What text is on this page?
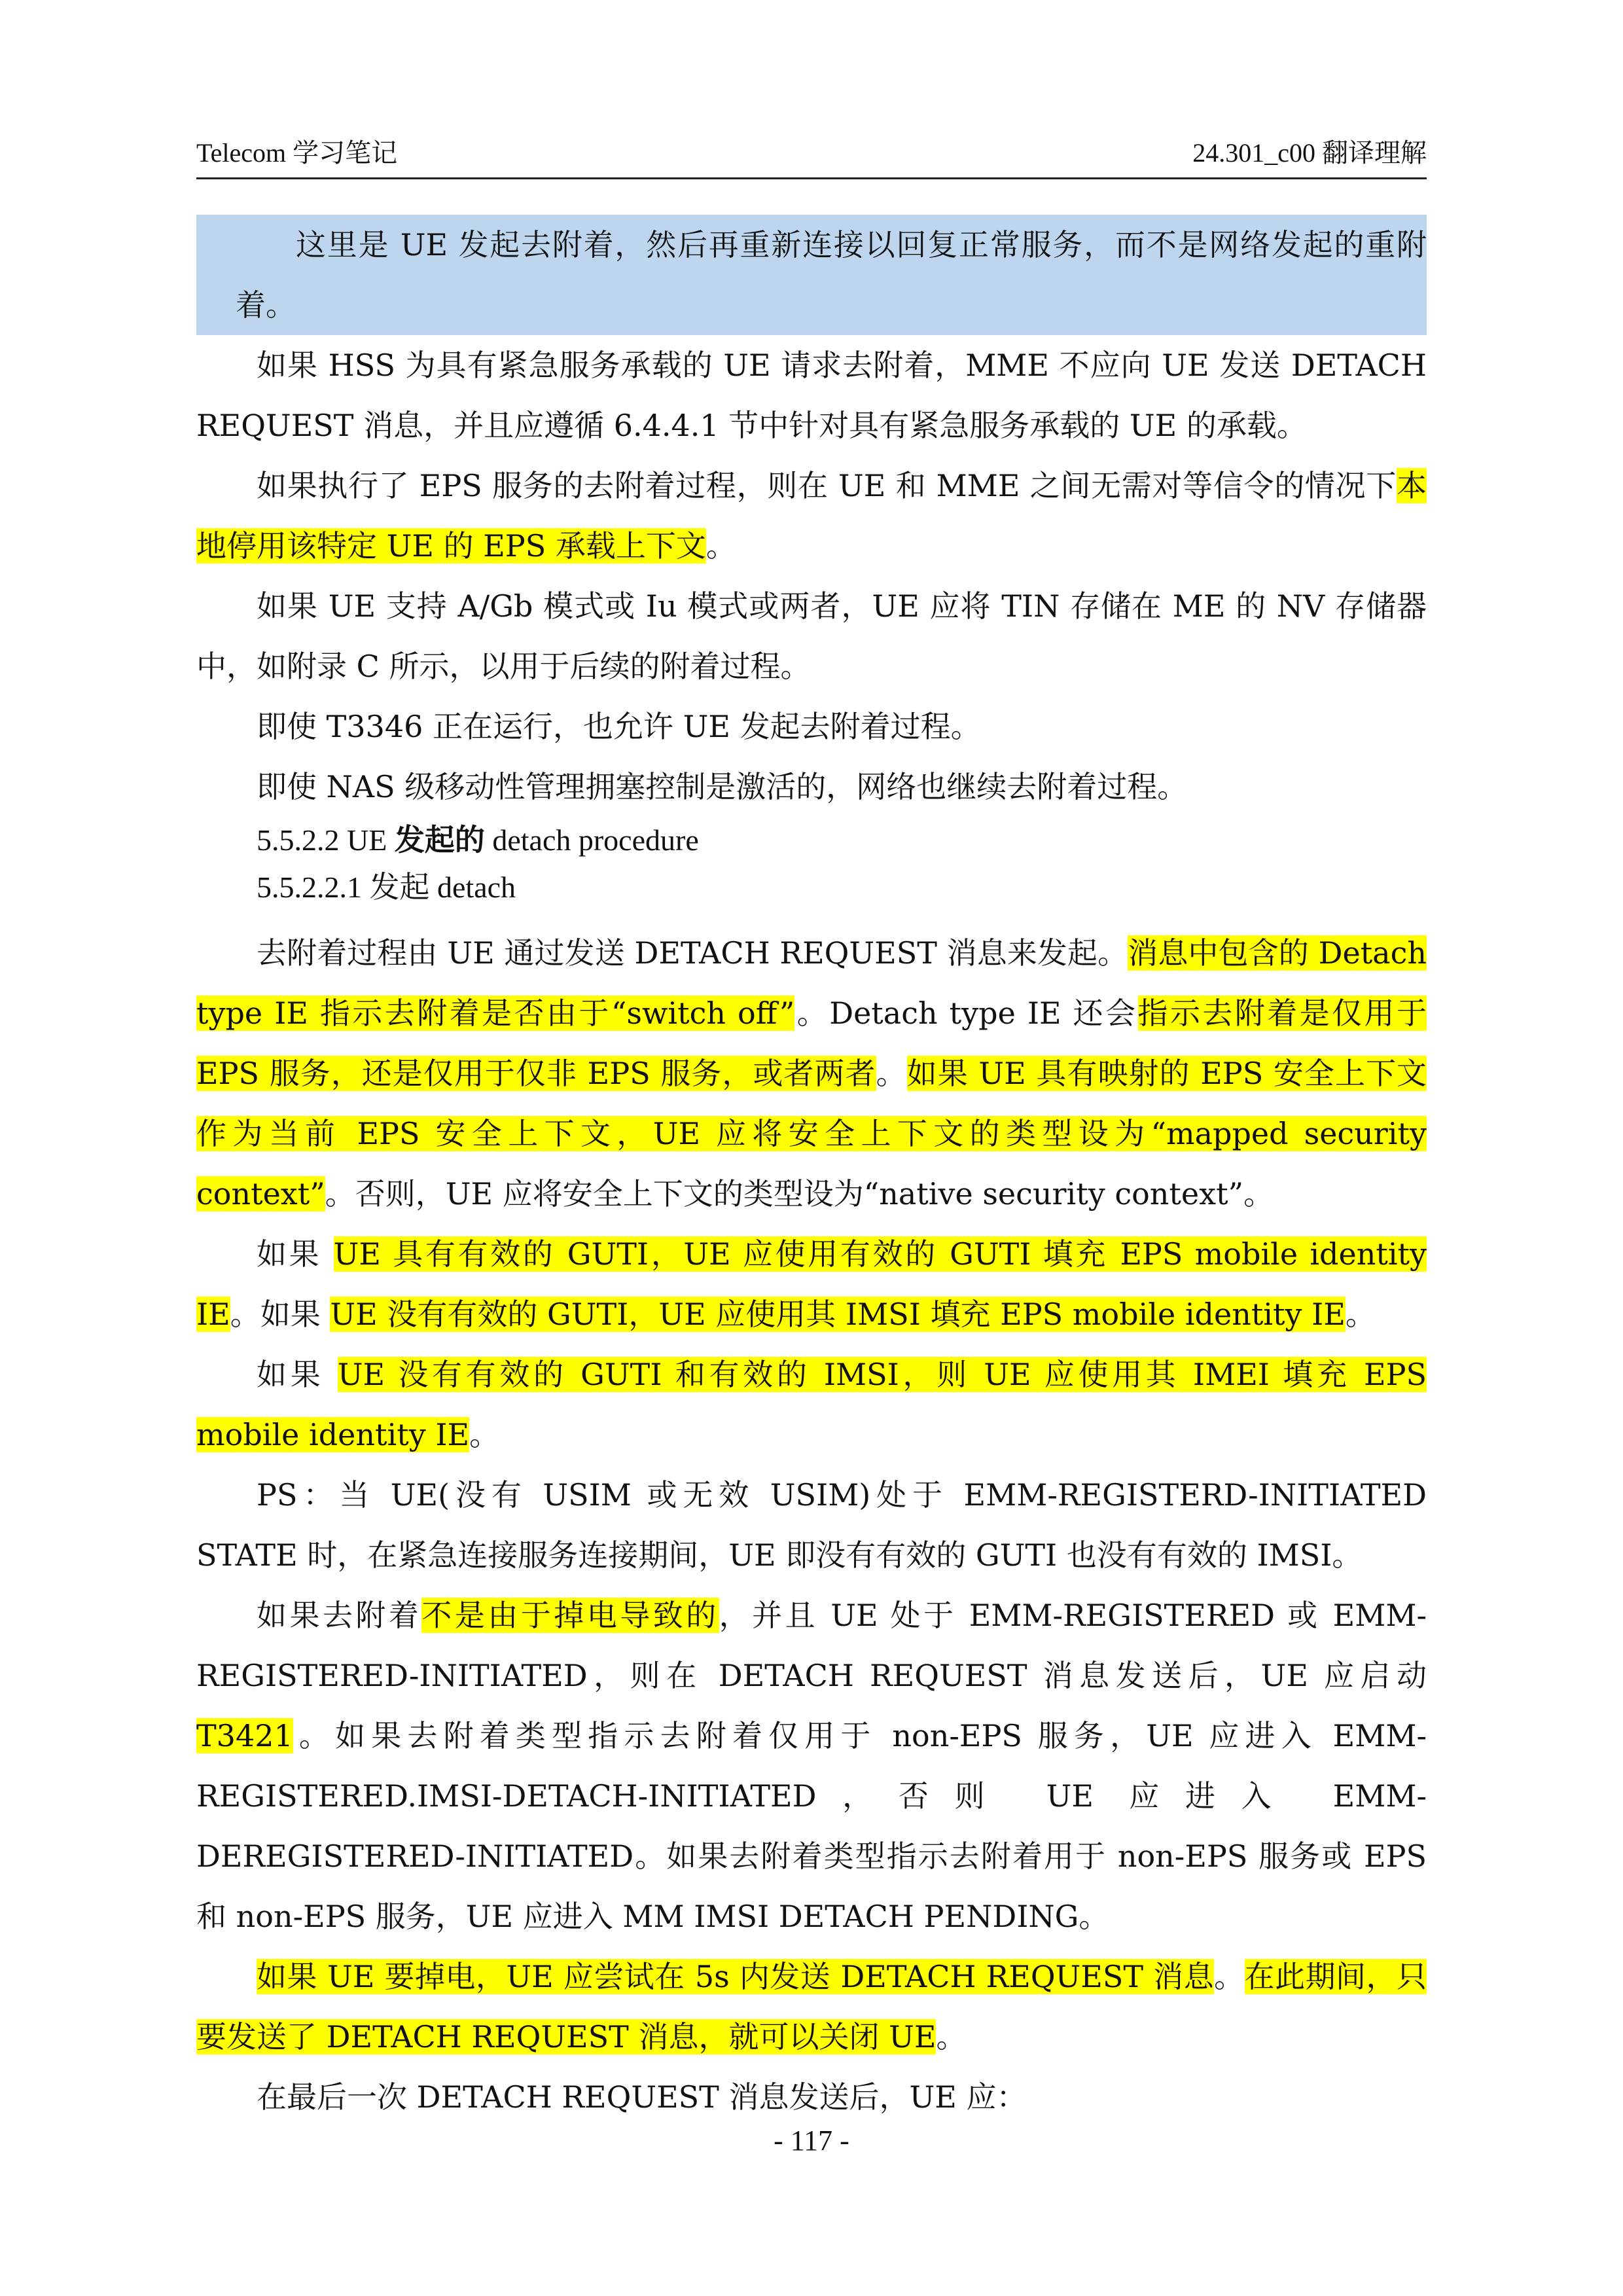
Telecom 学习笔记	24.301_c00 翻译理解

这里是 UE 发起去附着，然后再重新连接以回复正常服务，而不是网络发起的重附着。

如果 HSS 为具有紧急服务承载的 UE 请求去附着，MME 不应向 UE 发送 DETACH REQUEST 消息，并且应遵循 6.4.4.1 节中针对具有紧急服务承载的 UE 的承载。

如果执行了 EPS 服务的去附着过程，则在 UE 和 MME 之间无需对等信令的情况下本地停用该特定 UE 的 EPS 承载上下文。

如果 UE 支持 A/Gb 模式或 Iu 模式或两者，UE 应将 TIN 存储在 ME 的 NV 存储器中，如附录 C 所示，以用于后续的附着过程。

即使 T3346 正在运行，也允许 UE 发起去附着过程。

即使 NAS 级移动性管理拥塞控制是激活的，网络也继续去附着过程。

5.5.2.2 UE 发起的 detach procedure

5.5.2.2.1 发起 detach

去附着过程由 UE 通过发送 DETACH REQUEST 消息来发起。消息中包含的 Detach type IE 指示去附着是否由于“switch off”。Detach type IE 还会指示去附着是仅用于 EPS 服务，还是仅用于仅非 EPS 服务，或者两者。如果 UE 具有映射的 EPS 安全上下文作为当前 EPS 安全上下文，UE 应将安全上下文的类型设为“mapped security context”。否则，UE 应将安全上下文的类型设为“native security context”。

如果 UE 具有有效的 GUTI，UE 应使用有效的 GUTI 填充 EPS mobile identity IE。如果 UE 没有有效的 GUTI，UE 应使用其 IMSI 填充 EPS mobile identity IE。

如果 UE 没有有效的 GUTI 和有效的 IMSI，则 UE 应使用其 IMEI 填充 EPS mobile identity IE。

PS：当 UE(没有 USIM 或无效 USIM)处于 EMM-REGISTERD-INITIATED STATE 时，在紧急连接服务连接期间，UE 即没有有效的 GUTI 也没有有效的 IMSI。

如果去附着不是由于掉电导致的，并且 UE 处于 EMM-REGISTERED 或 EMM-REGISTERED-INITIATED，则在 DETACH REQUEST 消息发送后，UE 应启动 T3421。如果去附着类型指示去附着仅用于 non-EPS 服务，UE 应进入 EMM-REGISTERED.IMSI-DETACH-INITIATED，否则 UE 应进入 EMM-DEREGISTERED-INITIATED。如果去附着类型指示去附着用于 non-EPS 服务或 EPS 和 non-EPS 服务，UE 应进入 MM IMSI DETACH PENDING。

如果 UE 要掉电，UE 应尝试在 5s 内发送 DETACH REQUEST 消息。在此期间，只要发送了 DETACH REQUEST 消息，就可以关闭 UE。

在最后一次 DETACH REQUEST 消息发送后，UE 应：

- 117 -
